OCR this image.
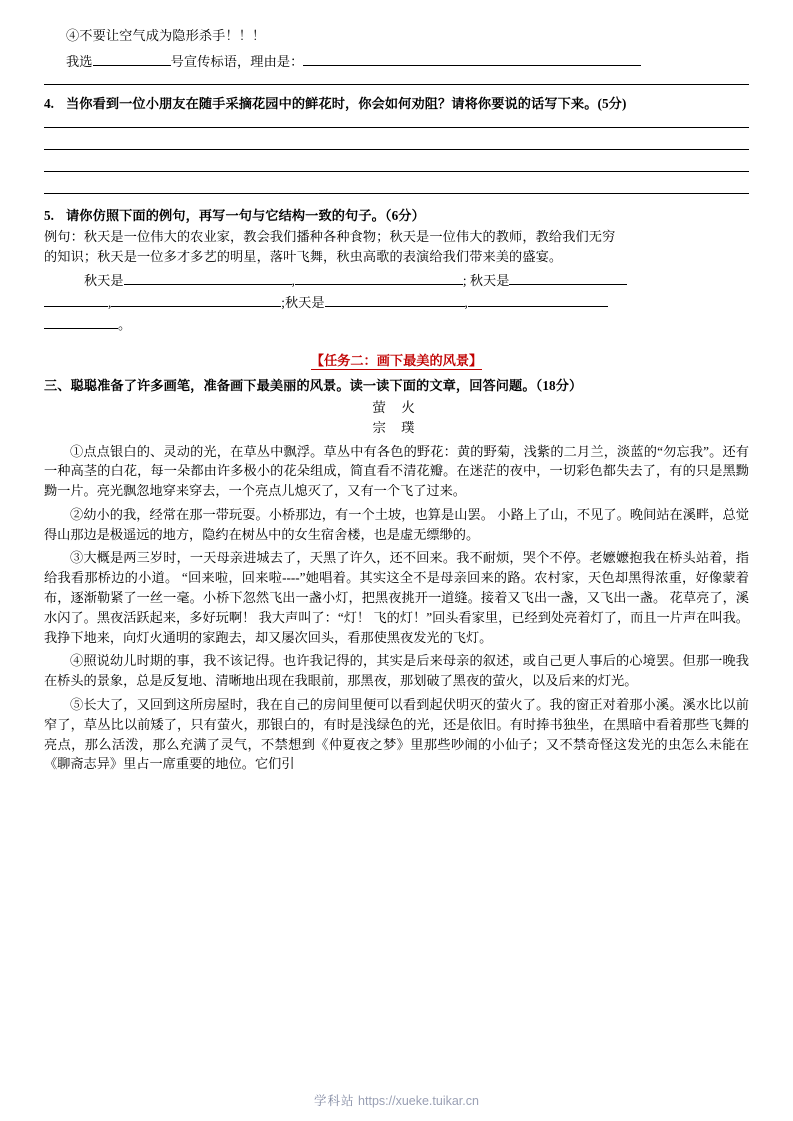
④不要让空气成为隐形杀手！！！
我选	号宣传标语，理由是：
4. 当你看到一位小朋友在随手采摘花园中的鲜花时，你会如何劝阻？请将你要说的话写下来。(5分)
5. 请你仿照下面的例句，再写一句与它结构一致的句子。（6分）
例句：秋天是一位伟大的农业家，教会我们播种各种食物；秋天是一位伟大的教师，教给我们无穷
的知识；秋天是一位多才多艺的明星，落叶飞舞，秋虫高歌的表演给我们带来美的盛宴。
秋天是	,	; 秋天是
,	;秋天是	,
。
【任务二：画下最美的风景】
三、聪聪准备了许多画笔，准备画下最美丽的风景。读一读下面的文章，回答问题。（18分）
萤 火
宗 璞
①点点银白的、灵动的光，在草丛中飘浮。草丛中有各色的野花：黄的野菊，浅紫的二月兰，淡蓝的“勿忘我”。还有一种高茎的白花，每一朵都由许多极小的花朵组成，简直看不清花瓣。在迷茫的夜中，一切彩色都失去了，有的只是黑黝黝一片。亮光飘忽地穿来穿去，一个亮点儿熄灭了，又有一个飞了过来。
②幼小的我，经常在那一带玩耍。小桥那边，有一个土坡，也算是山罢。 小路上了山，不见了。晚间站在溪畔，总觉得山那边是极遥远的地方，隐约在树丛中的女生宿舍楼，也是虚无缥缈的。
③大概是两三岁时，一天母亲进城去了，天黑了许久，还不回来。我不耐烦，哭个不停。老嬷嬷抱我在桥头站着，指给我看那桥边的小道。 “回来啦，回来啦----”她唱着。其实这全不是母亲回来的路。农村家，天色却黑得浓重，好像蒙着布，逐渐勒紧了一丝一毫。小桥下忽然飞出一盏小灯，把黑夜挑开一道缝。接着又飞出一盏，又飞出一盏。 花草亮了，溪水闪了。黑夜活跃起来，多好玩啊！ 我大声叫了：“灯！ 飞的灯！”回头看家里，已经到处亮着灯了，而且一片声在叫我。我挣下地来，向灯火通明的家跑去，却又屡次回头，看那使黑夜发光的飞灯。
④照说幼儿时期的事，我不该记得。也许我记得的，其实是后来母亲的叙述，或自己更人事后的心境罢。但那一晚我在桥头的景象，总是反复地、清晰地出现在我眼前，那黑夜，那划破了黑夜的萤火，以及后来的灯光。
⑤长大了，又回到这所房屋时，我在自己的房间里便可以看到起伏明灭的萤火了。我的窗正对着那小溪。溪水比以前窄了，草丛比以前矮了，只有萤火，那银白的，有时是浅绿色的光，还是依旧。有时捧书独坐，在黑暗中看着那些飞舞的亮点，那么活泼，那么充满了灵气，不禁想到《仲夏夜之梦》里那些吵闹的小仙子；又不禁奇怪这发光的虫怎么未能在《聊斋志异》里占一席重要的地位。它们引
学科站 https://xueke.tuikar.cn
